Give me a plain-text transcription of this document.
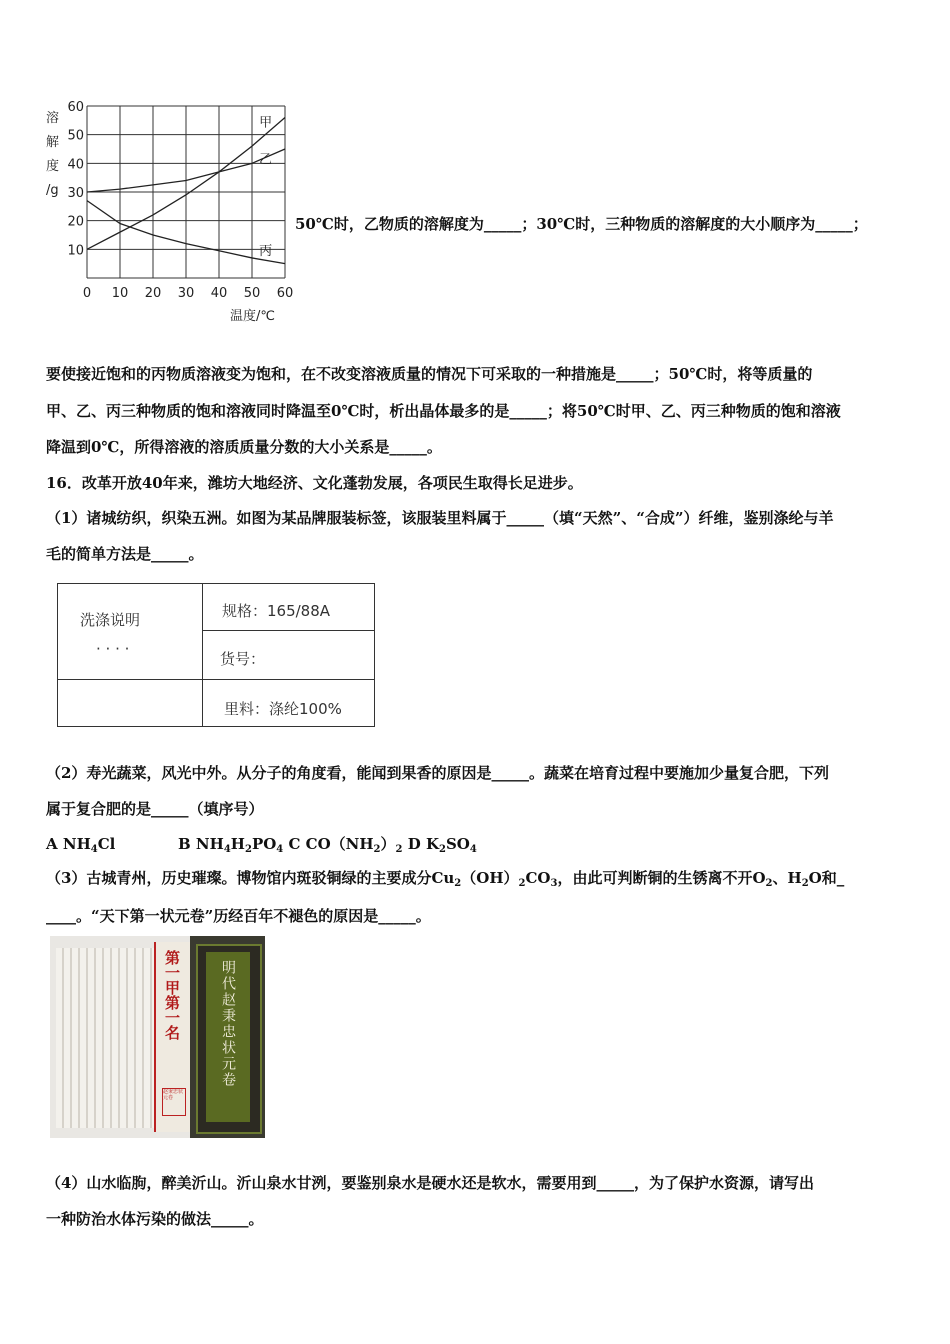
甲
乙
丙
0 10 20 30 40 50 60
10
20
30
40
50
60
溶解度/g
温度/℃
50℃时，乙物质的溶解度为_____；30℃时，三种物质的溶解度的大小顺序为_____；
要使接近饱和的丙物质溶液变为饱和，在不改变溶液质量的情况下可采取的一种措施是_____；50℃时，将等质量的
甲、乙、丙三种物质的饱和溶液同时降温至0℃时，析出晶体最多的是_____；将50℃时甲、乙、丙三种物质的饱和溶液
降温到0℃，所得溶液的溶质质量分数的大小关系是_____。
16．改革开放40年来，潍坊大地经济、文化蓬勃发展，各项民生取得长足进步。
（1）诸城纺织，织染五洲。如图为某品牌服装标签，该服装里料属于_____（填“天然”、“合成”）纤维，鉴别涤纶与羊
毛的简单方法是_____。
洗涤说明
· · · ·
规格：165/88A
货号：
里料：涤纶100%
（2）寿光蔬菜，风光中外。从分子的角度看，能闻到果香的原因是_____。蔬菜在培育过程中要施加少量复合肥，下列
属于复合肥的是_____（填序号）
A $NH_4Cl$            B $NH_4H_2PO_4$ C $CO(NH_2)_2$ D $K_2SO_4$
（3）古城青州，历史璀璨。博物馆内斑驳铜绿的主要成分$Cu_2(OH)_2CO_3$，由此可判断铜的生锈离不开$O_2$、$H_2O$和_
____。“天下第一状元卷”历经百年不褪色的原因是_____。
第一甲第一名	明代赵秉忠状元卷
赵秉忠状元卷
（4）山水临朐，醉美沂山。沂山泉水甘洌，要鉴别泉水是硬水还是软水，需要用到_____，为了保护水资源，请写出
一种防治水体污染的做法_____。
